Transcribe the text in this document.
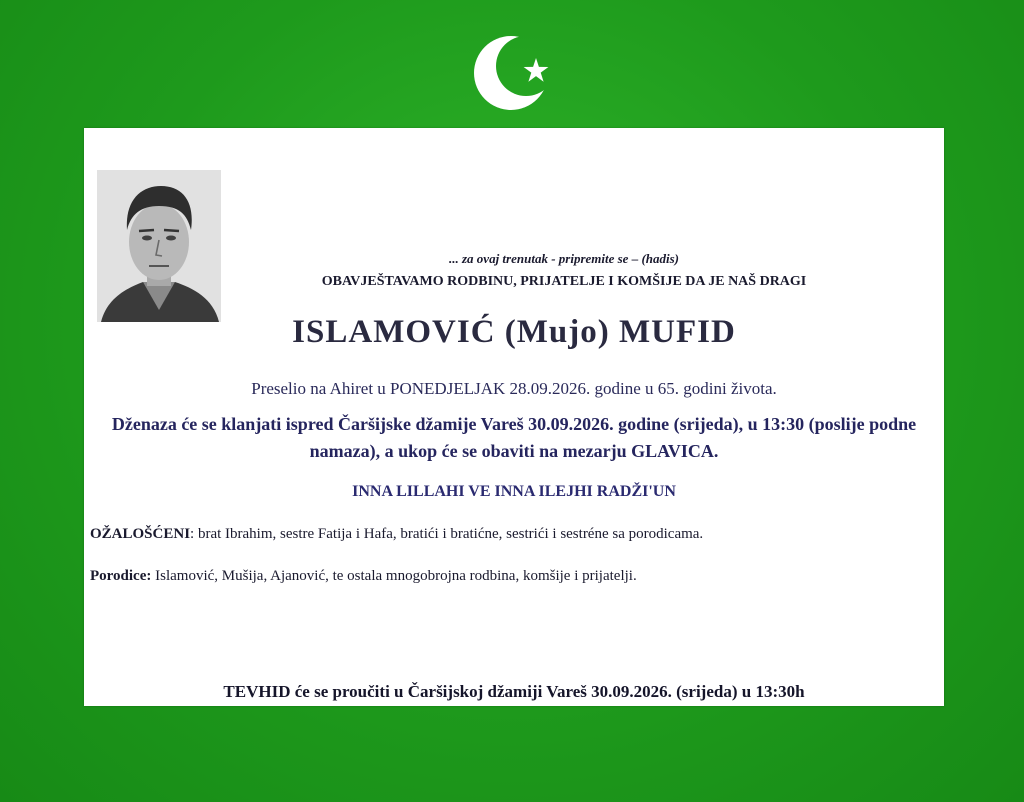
... za ovaj trenutak - pripremite se – (hadis)
OBAVJEŠTAVAMO RODBINU, PRIJATELJE I KOMŠIJE DA JE NAŠ DRAGI
ISLAMOVIĆ (Mujo) MUFID
Preselio na Ahiret u PONEDJELJAK 28.09.2026. godine u 65. godini života.
Dženaza će se klanjati ispred Čaršijske džamije Vareš 30.09.2026. godine (srijeda), u 13:30 (poslije podne namaza), a ukop će se obaviti na mezarju GLAVICA.
INNA LILLAHI VE INNA ILEJHI RADŽI'UN
OŽALOŠĆENI: brat Ibrahim, sestre Fatija i Hafa, bratići i bratićne, sestrići i sestréne sa porodicama.
Porodice: Islamović, Mušija, Ajanović, te ostala mnogobrojna rodbina, komšije i prijatelji.
TEVHID će se proučiti u Čaršijskoj džamiji Vareš 30.09.2026. (srijeda) u 13:30h
